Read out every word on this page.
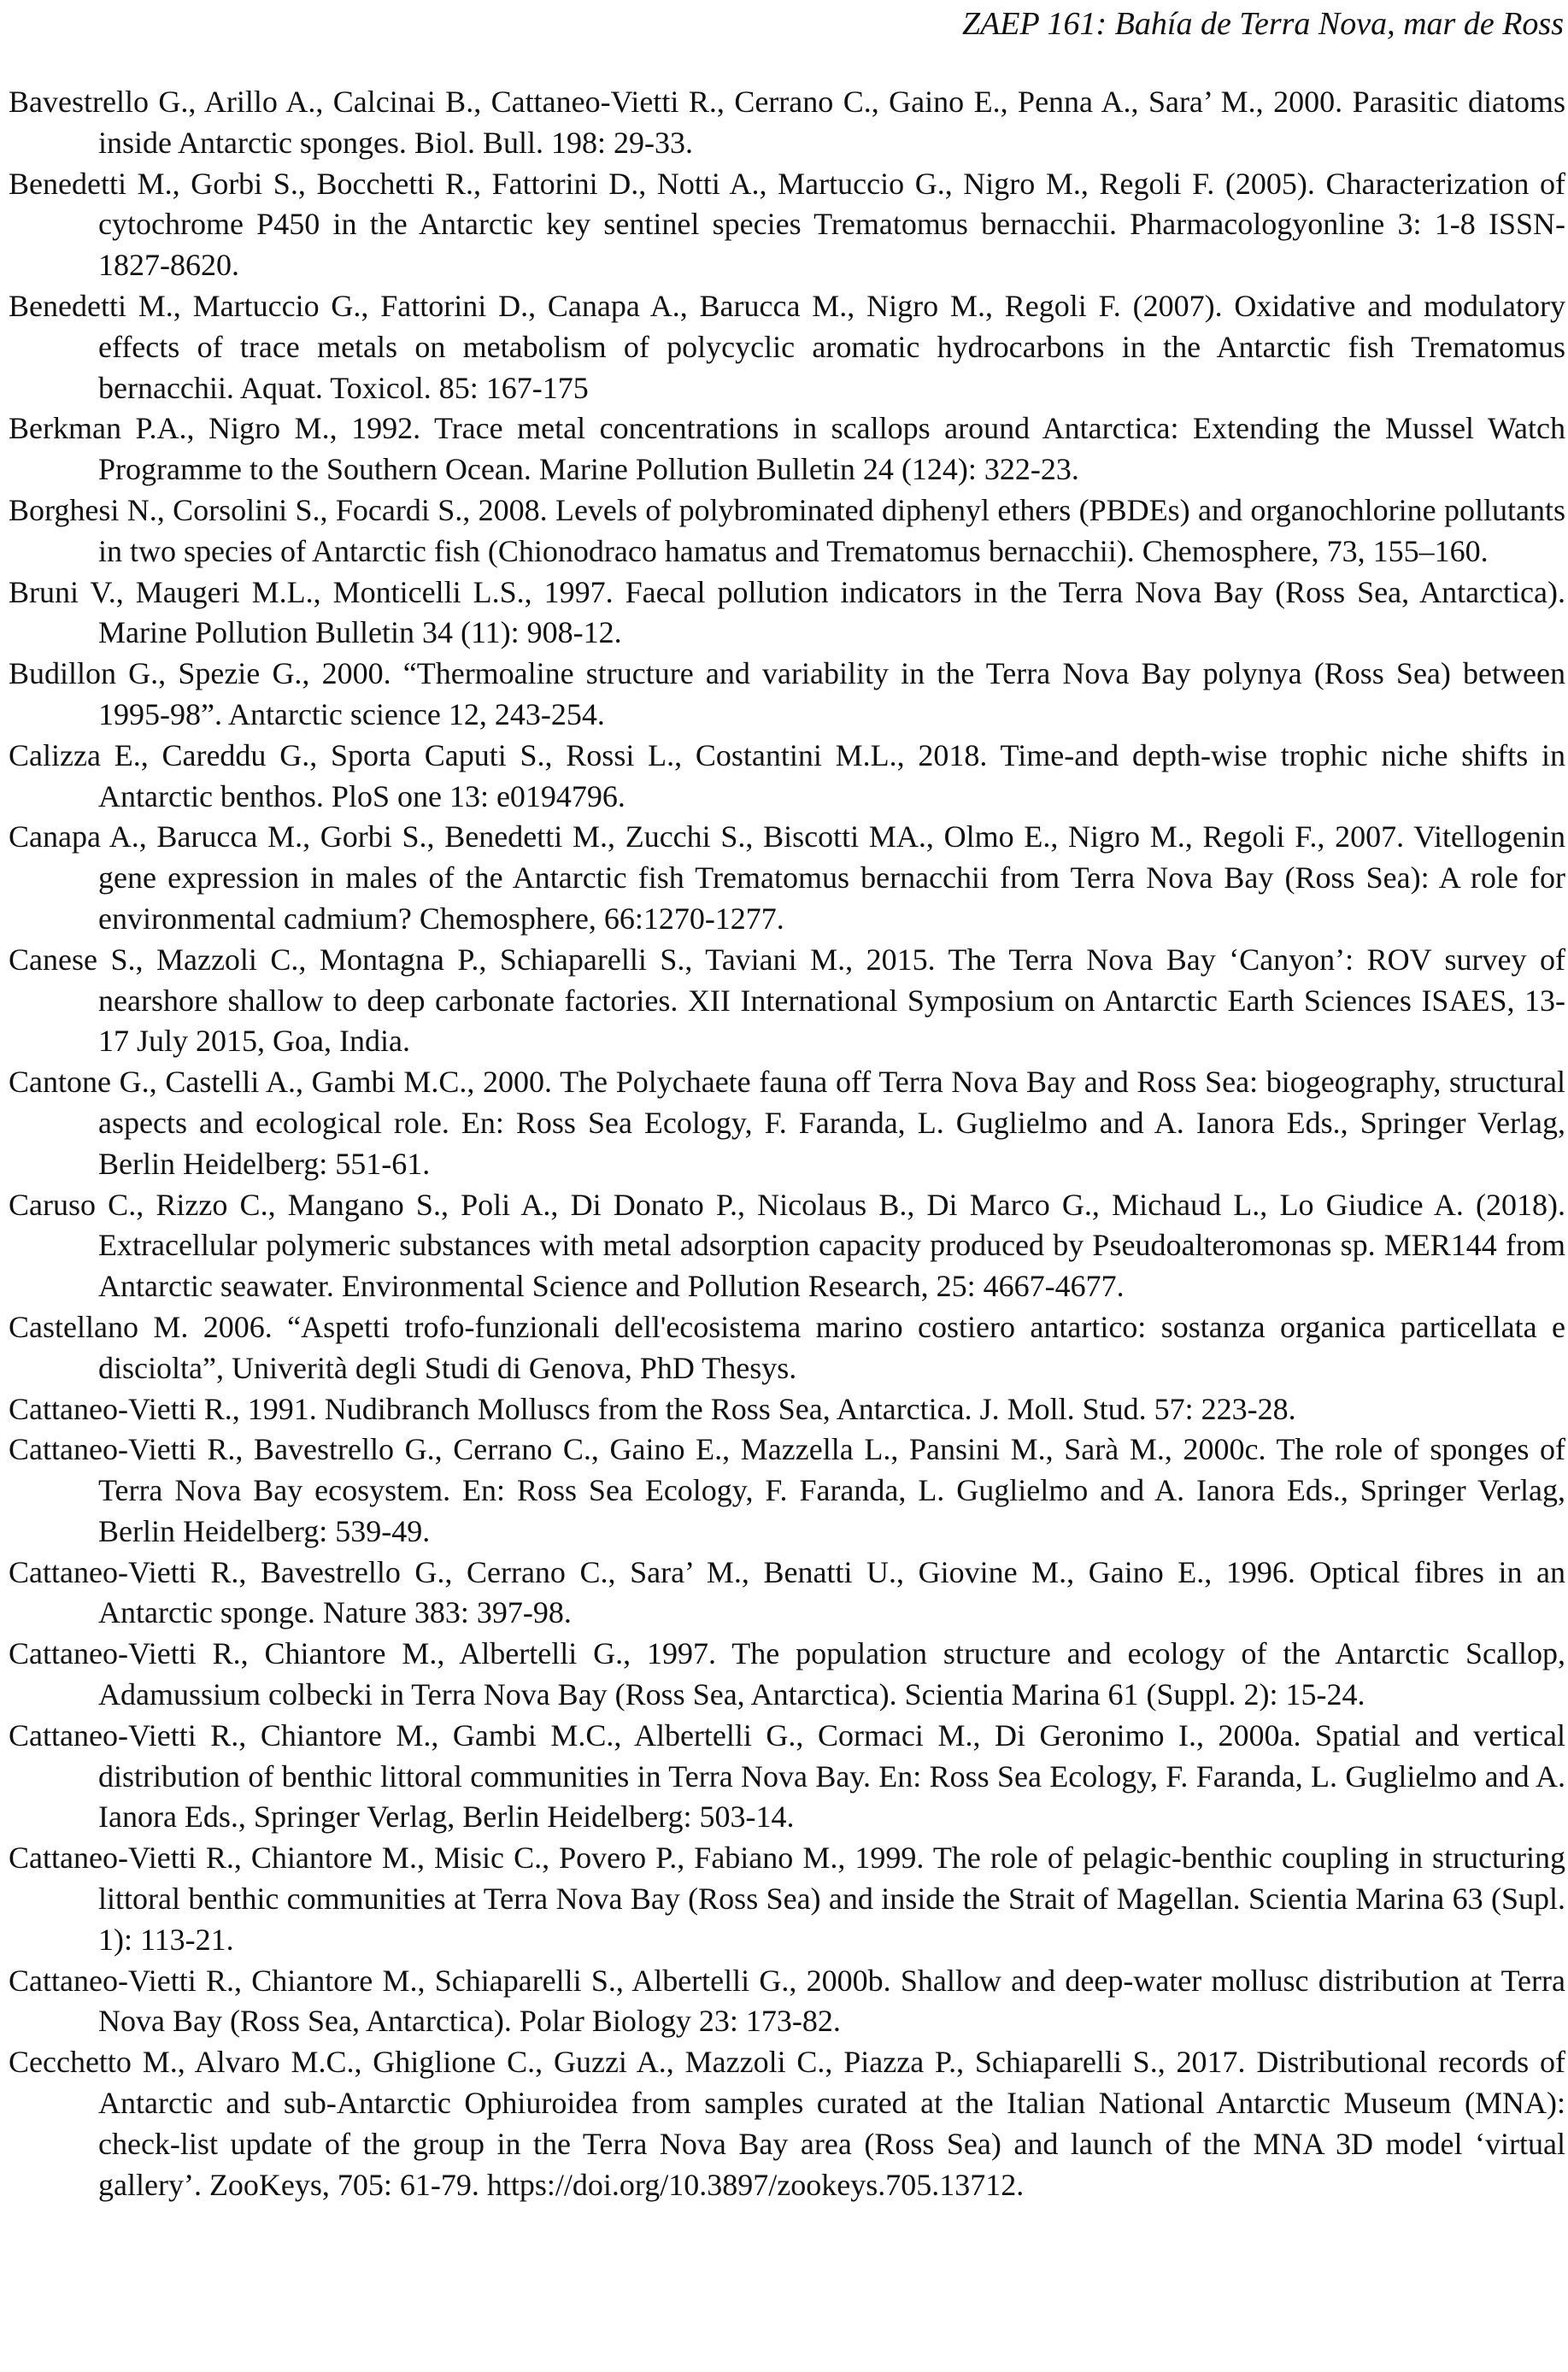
ZAEP 161: Bahía de Terra Nova, mar de Ross
Bavestrello G., Arillo A., Calcinai B., Cattaneo-Vietti R., Cerrano C., Gaino E., Penna A., Sara’ M., 2000. Parasitic diatoms inside Antarctic sponges. Biol. Bull. 198: 29-33.
Benedetti M., Gorbi S., Bocchetti R., Fattorini D., Notti A., Martuccio G., Nigro M., Regoli F. (2005). Characterization of cytochrome P450 in the Antarctic key sentinel species Trematomus bernacchii. Pharmacologyonline 3: 1-8 ISSN-1827-8620.
Benedetti M., Martuccio G., Fattorini D., Canapa A., Barucca M., Nigro M., Regoli F. (2007). Oxidative and modulatory effects of trace metals on metabolism of polycyclic aromatic hydrocarbons in the Antarctic fish Trematomus bernacchii. Aquat. Toxicol. 85: 167-175
Berkman P.A., Nigro M., 1992. Trace metal concentrations in scallops around Antarctica: Extending the Mussel Watch Programme to the Southern Ocean. Marine Pollution Bulletin 24 (124): 322-23.
Borghesi N., Corsolini S., Focardi S., 2008. Levels of polybrominated diphenyl ethers (PBDEs) and organochlorine pollutants in two species of Antarctic fish (Chionodraco hamatus and Trematomus bernacchii). Chemosphere, 73, 155–160.
Bruni V., Maugeri M.L., Monticelli L.S., 1997. Faecal pollution indicators in the Terra Nova Bay (Ross Sea, Antarctica). Marine Pollution Bulletin 34 (11): 908-12.
Budillon G., Spezie G., 2000. “Thermoaline structure and variability in the Terra Nova Bay polynya (Ross Sea) between 1995-98”. Antarctic science 12, 243-254.
Calizza E., Careddu G., Sporta Caputi S., Rossi L., Costantini M.L., 2018. Time-and depth-wise trophic niche shifts in Antarctic benthos. PloS one 13: e0194796.
Canapa A., Barucca M., Gorbi S., Benedetti M., Zucchi S., Biscotti MA., Olmo E., Nigro M., Regoli F., 2007. Vitellogenin gene expression in males of the Antarctic fish Trematomus bernacchii from Terra Nova Bay (Ross Sea): A role for environmental cadmium? Chemosphere, 66:1270-1277.
Canese S., Mazzoli C., Montagna P., Schiaparelli S., Taviani M., 2015. The Terra Nova Bay ‘Canyon’: ROV survey of nearshore shallow to deep carbonate factories. XII International Symposium on Antarctic Earth Sciences ISAES, 13-17 July 2015, Goa, India.
Cantone G., Castelli A., Gambi M.C., 2000. The Polychaete fauna off Terra Nova Bay and Ross Sea: biogeography, structural aspects and ecological role. En: Ross Sea Ecology, F. Faranda, L. Guglielmo and A. Ianora Eds., Springer Verlag, Berlin Heidelberg: 551-61.
Caruso C., Rizzo C., Mangano S., Poli A., Di Donato P., Nicolaus B., Di Marco G., Michaud L., Lo Giudice A. (2018). Extracellular polymeric substances with metal adsorption capacity produced by Pseudoalteromonas sp. MER144 from Antarctic seawater. Environmental Science and Pollution Research, 25: 4667-4677.
Castellano M. 2006. “Aspetti trofo-funzionali dell'ecosistema marino costiero antartico: sostanza organica particellata e disciolta”, Univerità degli Studi di Genova, PhD Thesys.
Cattaneo-Vietti R., 1991. Nudibranch Molluscs from the Ross Sea, Antarctica. J. Moll. Stud. 57: 223-28.
Cattaneo-Vietti R., Bavestrello G., Cerrano C., Gaino E., Mazzella L., Pansini M., Sarà M., 2000c. The role of sponges of Terra Nova Bay ecosystem. En: Ross Sea Ecology, F. Faranda, L. Guglielmo and A. Ianora Eds., Springer Verlag, Berlin Heidelberg: 539-49.
Cattaneo-Vietti R., Bavestrello G., Cerrano C., Sara’ M., Benatti U., Giovine M., Gaino E., 1996. Optical fibres in an Antarctic sponge. Nature 383: 397-98.
Cattaneo-Vietti R., Chiantore M., Albertelli G., 1997. The population structure and ecology of the Antarctic Scallop, Adamussium colbecki in Terra Nova Bay (Ross Sea, Antarctica). Scientia Marina 61 (Suppl. 2): 15-24.
Cattaneo-Vietti R., Chiantore M., Gambi M.C., Albertelli G., Cormaci M., Di Geronimo I., 2000a. Spatial and vertical distribution of benthic littoral communities in Terra Nova Bay. En: Ross Sea Ecology, F. Faranda, L. Guglielmo and A. Ianora Eds., Springer Verlag, Berlin Heidelberg: 503-14.
Cattaneo-Vietti R., Chiantore M., Misic C., Povero P., Fabiano M., 1999. The role of pelagic-benthic coupling in structuring littoral benthic communities at Terra Nova Bay (Ross Sea) and inside the Strait of Magellan. Scientia Marina 63 (Supl. 1): 113-21.
Cattaneo-Vietti R., Chiantore M., Schiaparelli S., Albertelli G., 2000b. Shallow and deep-water mollusc distribution at Terra Nova Bay (Ross Sea, Antarctica). Polar Biology 23: 173-82.
Cecchetto M., Alvaro M.C., Ghiglione C., Guzzi A., Mazzoli C., Piazza P., Schiaparelli S., 2017. Distributional records of Antarctic and sub-Antarctic Ophiuroidea from samples curated at the Italian National Antarctic Museum (MNA): check-list update of the group in the Terra Nova Bay area (Ross Sea) and launch of the MNA 3D model ‘virtual gallery’. ZooKeys, 705: 61-79. https://doi.org/10.3897/zookeys.705.13712.
